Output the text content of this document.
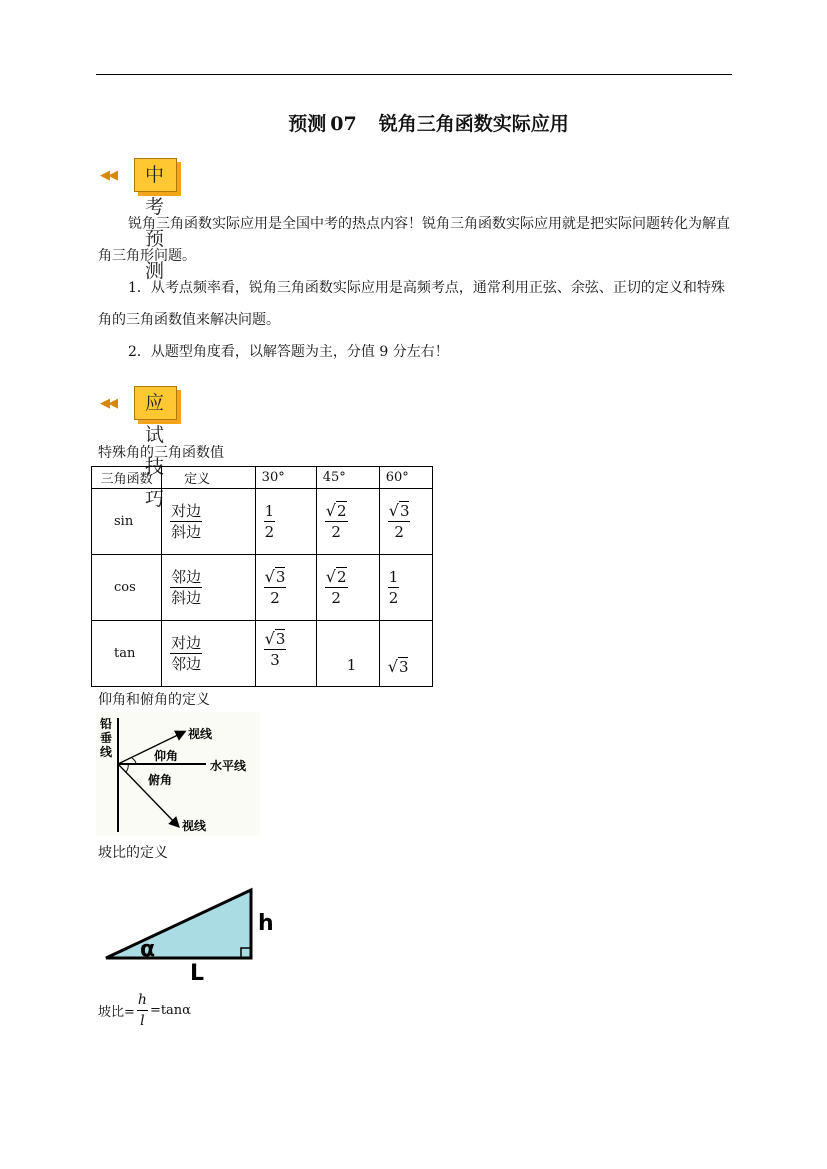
预测 07 锐角三角函数实际应用
◀◀	中考预测
锐角三角函数实际应用是全国中考的热点内容！锐角三角函数实际应用就是把实际问题转化为解直角三角形问题。
1．从考点频率看，锐角三角函数实际应用是高频考点，通常利用正弦、余弦、正切的定义和特殊角的三角函数值来解决问题。
2．从题型角度看，以解答题为主，分值 9 分左右！
◀◀	应试技巧
特殊角的三角函数值
三角函数	定义	30°	45°	60°
sin	$\frac{\text{对边}}{\text{斜边}}$	$\frac{1}{2}$	$\frac{√2}{2}$	$\frac{√3}{2}$

cos	$\frac{\text{邻边}}{\text{斜边}}$	$\frac{√3}{2}$	$\frac{√2}{2}$	$\frac{1}{2}$

tan	$\frac{\text{对边}}{\text{邻边}}$	$\frac{√3}{3}$	1	√3
仰角和俯角的定义
铅
垂
线
视线
仰角
水平线
俯角
视线
坡比的定义
α
h
L
坡比= $\frac{h}{l} =\tan\alpha$
